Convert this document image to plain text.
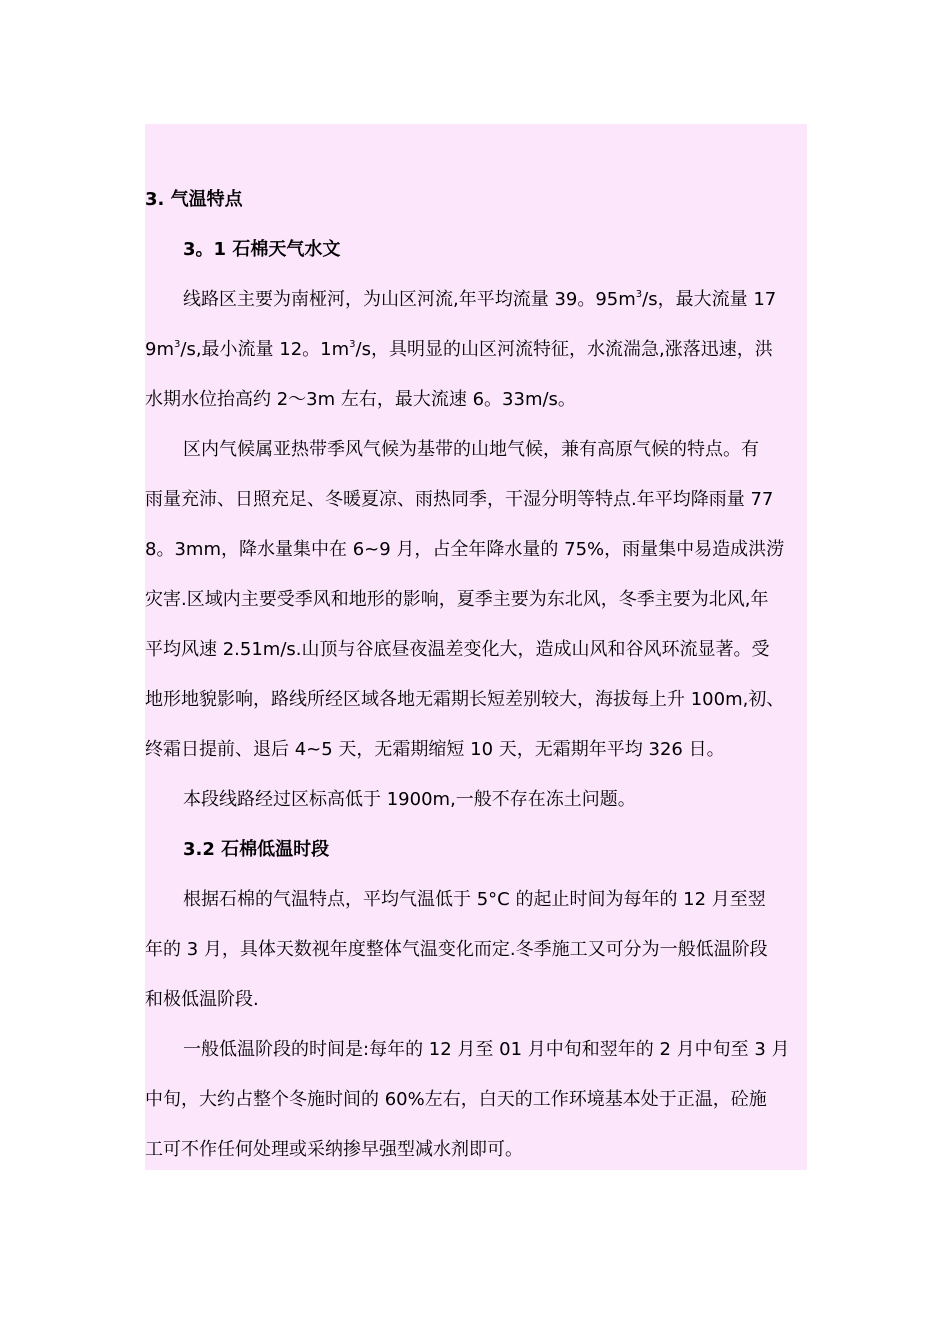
3. 气温特点
3。1 石棉天气水文
线路区主要为南桠河，为山区河流,年平均流量 39。$95m^3/s$，最大流量 17
$9m^3/s$,最小流量 12。$1m^3/s$，具明显的山区河流特征，水流湍急,涨落迅速，洪
水期水位抬高约 2～3m 左右，最大流速 6。33m/s。
区内气候属亚热带季风气候为基带的山地气候，兼有高原气候的特点。有
雨量充沛、日照充足、冬暖夏凉、雨热同季，干湿分明等特点.年平均降雨量 77
8。3mm，降水量集中在 6~9 月，占全年降水量的 75%，雨量集中易造成洪涝
灾害.区域内主要受季风和地形的影响，夏季主要为东北风，冬季主要为北风,年
平均风速 2.51m/s.山顶与谷底昼夜温差变化大，造成山风和谷风环流显著。受
地形地貌影响，路线所经区域各地无霜期长短差别较大，海拔每上升 100m,初、
终霜日提前、退后 4~5 天，无霜期缩短 10 天，无霜期年平均 326 日。
本段线路经过区标高低于 1900m,一般不存在冻土问题。
3.2 石棉低温时段
根据石棉的气温特点，平均气温低于 5°C 的起止时间为每年的 12 月至翌
年的 3 月，具体天数视年度整体气温变化而定.冬季施工又可分为一般低温阶段
和极低温阶段.
一般低温阶段的时间是:每年的 12 月至 01 月中旬和翌年的 2 月中旬至 3 月
中旬，大约占整个冬施时间的 60%左右，白天的工作环境基本处于正温，砼施
工可不作任何处理或采纳掺早强型减水剂即可。
